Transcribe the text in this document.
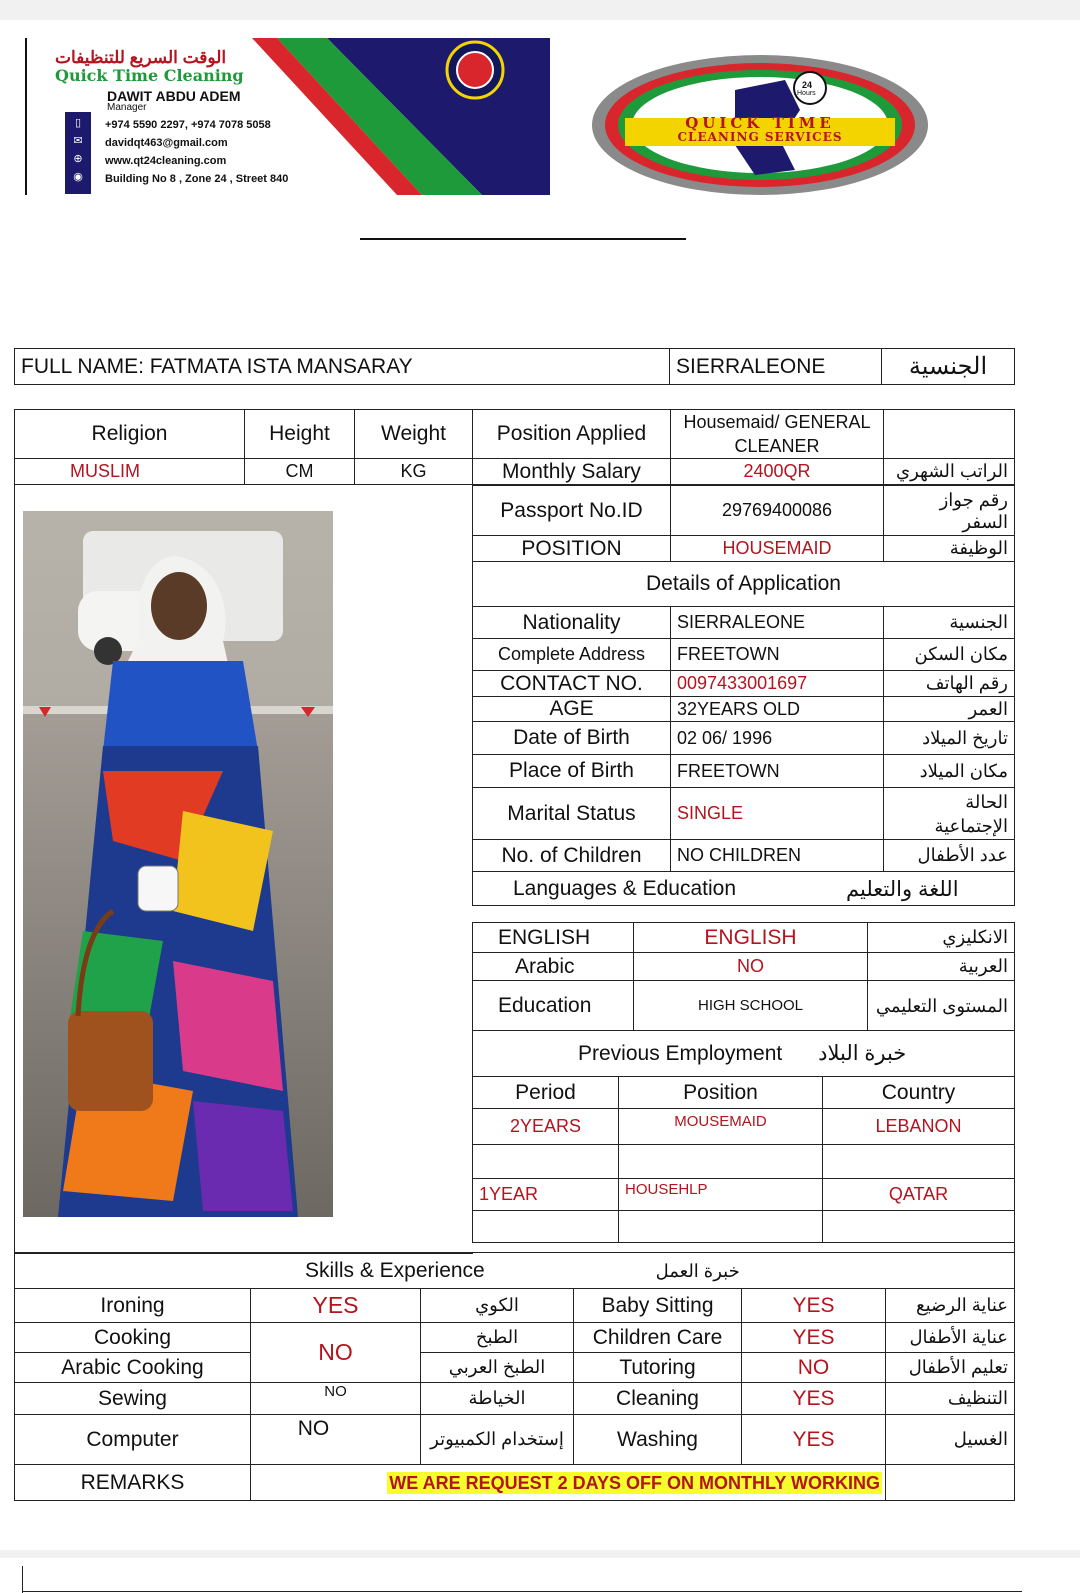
الوقت السريع للتنظيفات
Quick Time Cleaning
DAWIT ABDU ADEM
Manager
▯
✉
⊕
◉
+974 5590 2297, +974 7078 5058
davidqt463@gmail.com
www.qt24cleaning.com
Building No 8 , Zone 24 , Street 840
24
Hours
QUICK TIME
CLEANING SERVICES
FULL NAME: FATMATA ISTA MANSARAY	SIERRALEONE	الجنسية
Religion	Height	Weight	Position Applied	Housemaid/ GENERAL CLEANER	
MUSLIM	CM	KG	Monthly Salary	2400QR	الراتب الشهري
Passport No.ID	29769400086	رقم جواز السفر
POSITION	HOUSEMAID	الوظيفة
Details of Application		
Nationality	SIERRALEONE	الجنسية
Complete Address	FREETOWN	مكان السكن
CONTACT NO.	0097433001697	رقم الهاتف
AGE	32YEARS OLD	العمر
Date of Birth	02 06/ 1996	تاريخ الميلاد
Place of Birth	FREETOWN	مكان الميلاد
Marital Status	SINGLE	الحالة الإجتماعية
No. of Children	NO CHILDREN	عدد الأطفال
Languages & Education اللغة والتعليم		
ENGLISH	ENGLISH	الانكليزي
Arabic	NO	العربية
Education	HIGH SCHOOL	المستوى التعليمي
Previous Employment خبرة البلاد		
Period	Position	Country
2YEARS	MOUSEMAID	LEBANON

1YEAR	HOUSEHLP	QATAR

Skills & Experience خبرة العمل					
Ironing	YES	الكوي	Baby Sitting	YES	عناية الرضيع
Cooking	NO	الطبخ	Children Care	YES	عناية الأطفال
Arabic Cooking		الطبخ العربي	Tutoring	NO	تعليم الأطفال
Sewing	NO	الخياطة	Cleaning	YES	التنظيف
Computer	NO	إستخدام الكمبيوتر	Washing	YES	الغسيل
REMARKS	WE ARE REQUEST 2 DAYS OFF ON MONTHLY WORKING				
